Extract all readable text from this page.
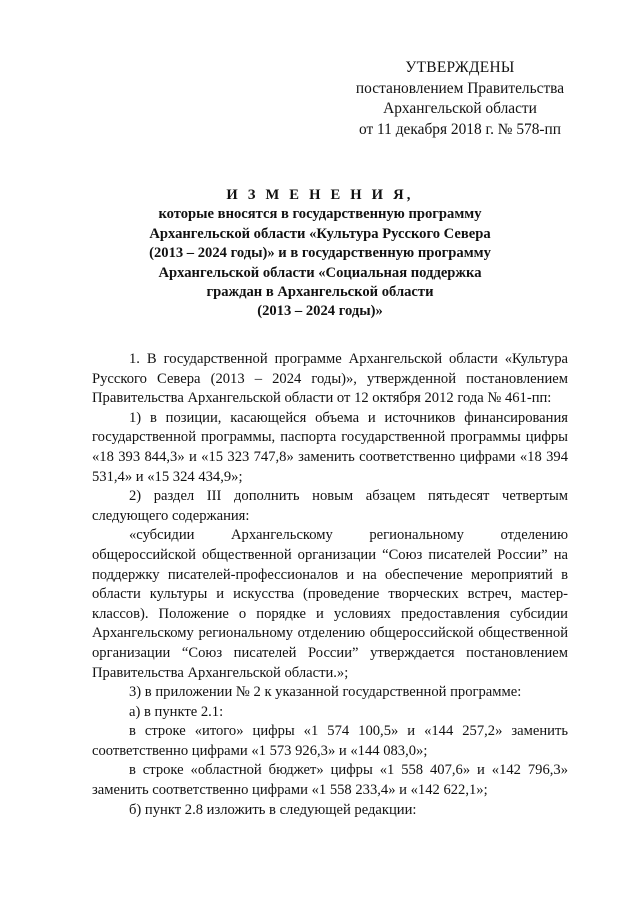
УТВЕРЖДЕНЫ
постановлением Правительства
Архангельской области
от 11 декабря 2018 г. № 578-пп
И З М Е Н Е Н И Я,
которые вносятся в государственную программу
Архангельской области «Культура Русского Севера
(2013 – 2024 годы)» и в государственную программу
Архангельской области «Социальная поддержка
граждан в Архангельской области
(2013 – 2024 годы)»

1. В государственной программе Архангельской области «Культура Русского Севера (2013 – 2024 годы)», утвержденной постановлением Правительства Архангельской области от 12 октября 2012 года № 461-пп:

1) в позиции, касающейся объема и источников финансирования государственной программы, паспорта государственной программы цифры «18 393 844,3» и «15 323 747,8» заменить соответственно цифрами «18 394 531,4» и «15 324 434,9»;

2) раздел III дополнить новым абзацем пятьдесят четвертым следующего содержания:

«субсидии Архангельскому региональному отделению общероссийской общественной организации “Союз писателей России” на поддержку писателей-профессионалов и на обеспечение мероприятий в области культуры и искусства (проведение творческих встреч, мастер-классов). Положение о порядке и условиях предоставления субсидии Архангельскому региональному отделению общероссийской общественной организации “Союз писателей России” утверждается постановлением Правительства Архангельской области.»;

3) в приложении № 2 к указанной государственной программе:

а) в пункте 2.1:

в строке «итого» цифры «1 574 100,5» и «144 257,2» заменить соответственно цифрами «1 573 926,3» и «144 083,0»;

в строке «областной бюджет» цифры «1 558 407,6» и «142 796,3» заменить соответственно цифрами «1 558 233,4» и «142 622,1»;

б) пункт 2.8 изложить в следующей редакции:
